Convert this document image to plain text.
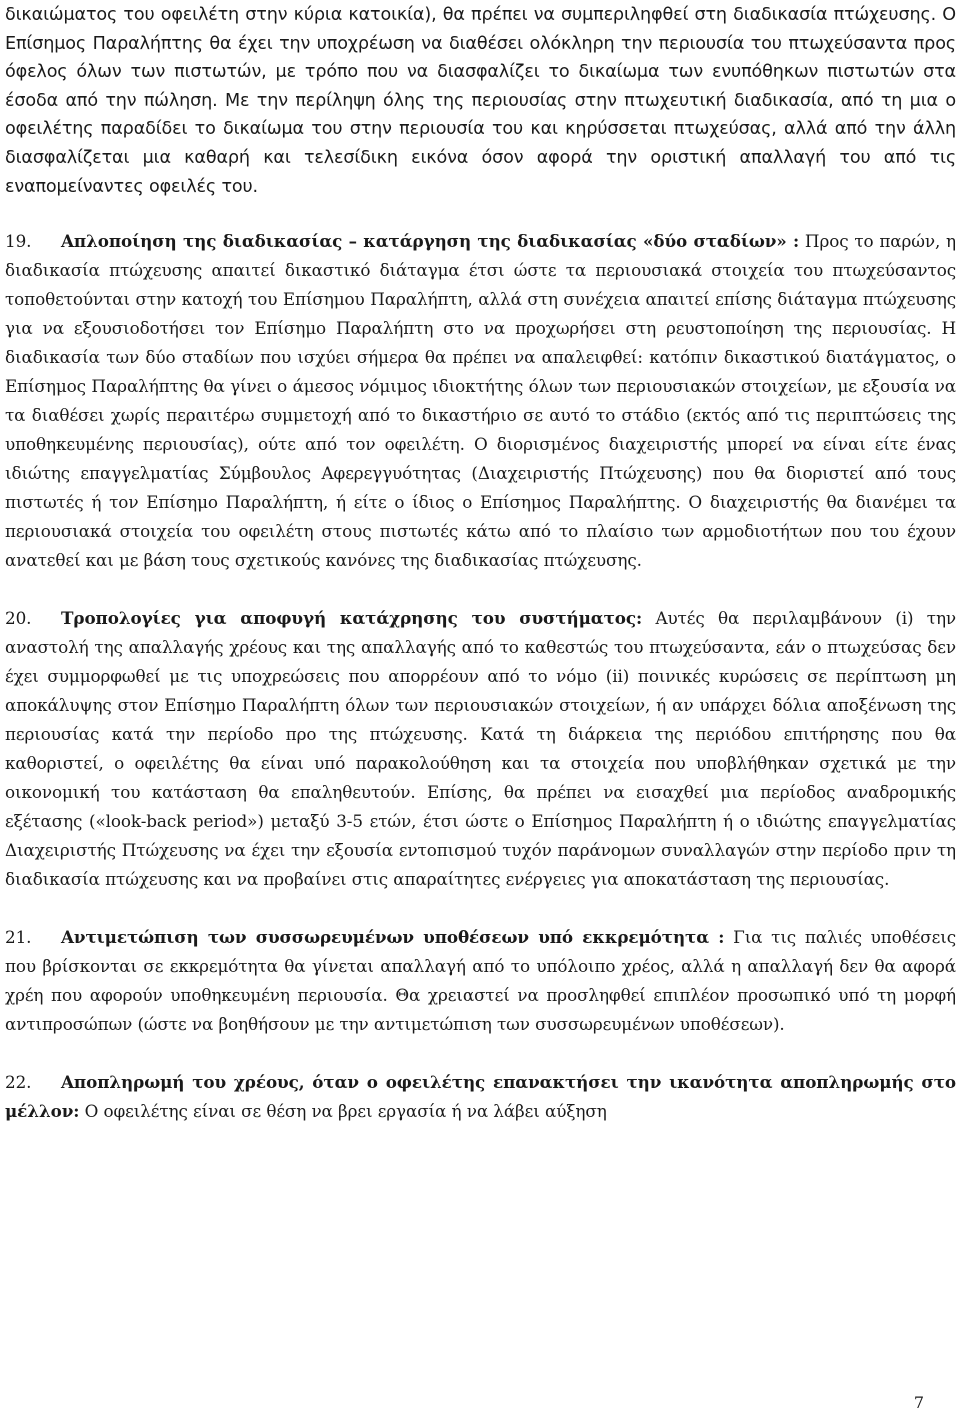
δικαιώματος του οφειλέτη στην κύρια κατοικία), θα πρέπει να συμπεριληφθεί στη διαδικασία πτώχευσης. Ο Επίσημος Παραλήπτης θα έχει την υποχρέωση να διαθέσει ολόκληρη την περιουσία του πτωχεύσαντα προς όφελος όλων των πιστωτών, με τρόπο που να διασφαλίζει το δικαίωμα των ενυπόθηκων πιστωτών στα έσοδα από την πώληση. Με την περίληψη όλης της περιουσίας στην πτωχευτική διαδικασία, από τη μια ο οφειλέτης παραδίδει το δικαίωμα του στην περιουσία του και κηρύσσεται πτωχεύσας, αλλά από την άλλη διασφαλίζεται μια καθαρή και τελεσίδικη εικόνα όσον αφορά την οριστική απαλλαγή του από τις εναπομείναντες οφειλές του.

19. Απλοποίηση της διαδικασίας – κατάργηση της διαδικασίας «δύο σταδίων» : Προς το παρών, η διαδικασία πτώχευσης απαιτεί δικαστικό διάταγμα έτσι ώστε τα περιουσιακά στοιχεία του πτωχεύσαντος τοποθετούνται στην κατοχή του Επίσημου Παραλήπτη, αλλά στη συνέχεια απαιτεί επίσης διάταγμα πτώχευσης για να εξουσιοδοτήσει τον Επίσημο Παραλήπτη στο να προχωρήσει στη ρευστοποίηση της περιουσίας. Η διαδικασία των δύο σταδίων που ισχύει σήμερα θα πρέπει να απαλειφθεί: κατόπιν δικαστικού διατάγματος, ο Επίσημος Παραλήπτης θα γίνει ο άμεσος νόμιμος ιδιοκτήτης όλων των περιουσιακών στοιχείων, με εξουσία να τα διαθέσει χωρίς περαιτέρω συμμετοχή από το δικαστήριο σε αυτό το στάδιο (εκτός από τις περιπτώσεις της υποθηκευμένης περιουσίας), ούτε από τον οφειλέτη. Ο διορισμένος διαχειριστής μπορεί να είναι είτε ένας ιδιώτης επαγγελματίας Σύμβουλος Αφερεγγυότητας (Διαχειριστής Πτώχευσης) που θα διοριστεί από τους πιστωτές ή τον Επίσημο Παραλήπτη, ή είτε ο ίδιος ο Επίσημος Παραλήπτης. Ο διαχειριστής θα διανέμει τα περιουσιακά στοιχεία του οφειλέτη στους πιστωτές κάτω από το πλαίσιο των αρμοδιοτήτων που του έχουν ανατεθεί και με βάση τους σχετικούς κανόνες της διαδικασίας πτώχευσης.

20. Τροπολογίες για αποφυγή κατάχρησης του συστήματος: Αυτές θα περιλαμβάνουν (i) την αναστολή της απαλλαγής χρέους και της απαλλαγής από το καθεστώς του πτωχεύσαντα, εάν ο πτωχεύσας δεν έχει συμμορφωθεί με τις υποχρεώσεις που απορρέουν από το νόμο (ii) ποινικές κυρώσεις σε περίπτωση μη αποκάλυψης στον Επίσημο Παραλήπτη όλων των περιουσιακών στοιχείων, ή αν υπάρχει δόλια αποξένωση της περιουσίας κατά την περίοδο προ της πτώχευσης. Κατά τη διάρκεια της περιόδου επιτήρησης που θα καθοριστεί, ο οφειλέτης θα είναι υπό παρακολούθηση και τα στοιχεία που υποβλήθηκαν σχετικά με την οικονομική του κατάσταση θα επαληθευτούν. Επίσης, θα πρέπει να εισαχθεί μια περίοδος αναδρομικής εξέτασης («look-back period») μεταξύ 3-5 ετών, έτσι ώστε ο Επίσημος Παραλήπτη ή ο ιδιώτης επαγγελματίας Διαχειριστής Πτώχευσης να έχει την εξουσία εντοπισμού τυχόν παράνομων συναλλαγών στην περίοδο πριν τη διαδικασία πτώχευσης και να προβαίνει στις απαραίτητες ενέργειες για αποκατάσταση της περιουσίας.

21. Αντιμετώπιση των συσσωρευμένων υποθέσεων υπό εκκρεμότητα : Για τις παλιές υποθέσεις που βρίσκονται σε εκκρεμότητα θα γίνεται απαλλαγή από το υπόλοιπο χρέος, αλλά η απαλλαγή δεν θα αφορά χρέη που αφορούν υποθηκευμένη περιουσία. Θα χρειαστεί να προσληφθεί επιπλέον προσωπικό υπό τη μορφή αντιπροσώπων (ώστε να βοηθήσουν με την αντιμετώπιση των συσσωρευμένων υποθέσεων).

22. Αποπληρωμή του χρέους, όταν ο οφειλέτης επανακτήσει την ικανότητα αποπληρωμής στο μέλλον: Ο οφειλέτης είναι σε θέση να βρει εργασία ή να λάβει αύξηση

7
